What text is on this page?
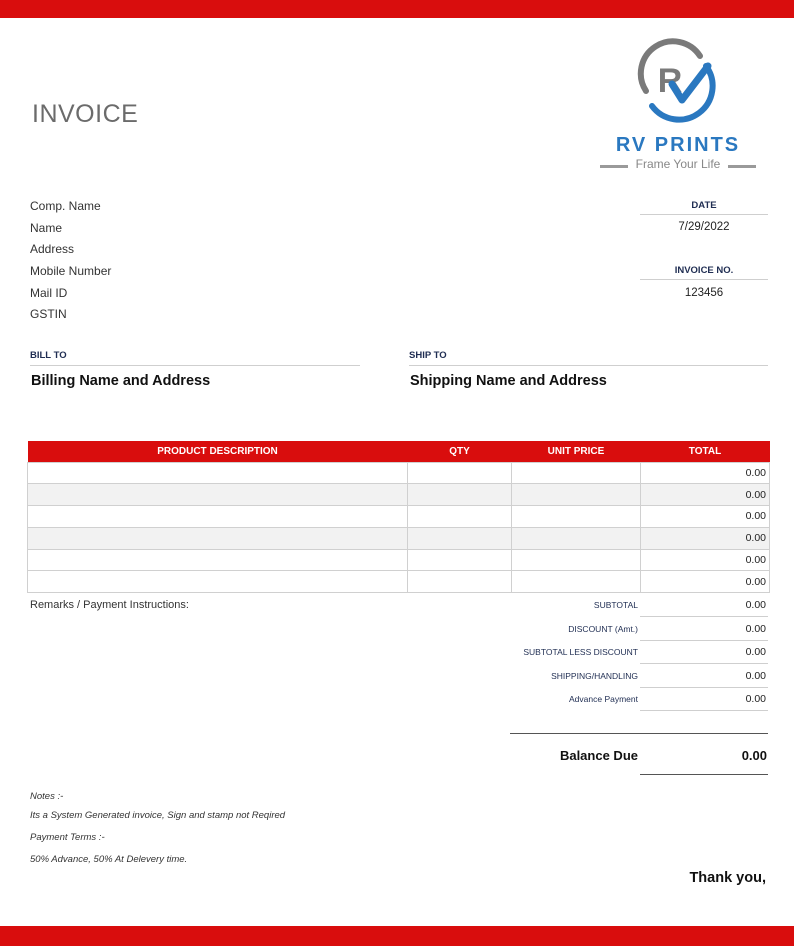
INVOICE
R
RV PRINTS
Frame Your Life
Comp. Name
Name
Address
Mobile Number
Mail ID
GSTIN
DATE
7/29/2022
INVOICE NO.
123456
BILL TO
Billing Name and Address
SHIP TO
Shipping Name and Address
PRODUCT DESCRIPTION	QTY	UNIT PRICE	TOTAL
			0.00
			0.00
			0.00
			0.00
			0.00
			0.00
Remarks / Payment Instructions:	SUBTOTAL	0.00
DISCOUNT (Amt.)	0.00
SUBTOTAL LESS DISCOUNT	0.00
SHIPPING/HANDLING	0.00
Advance Payment	0.00
Balance Due	0.00
Notes :-
Its a System Generated invoice, Sign and stamp not Reqired
Payment Terms :-
50% Advance, 50% At Delevery time.
Thank you,
